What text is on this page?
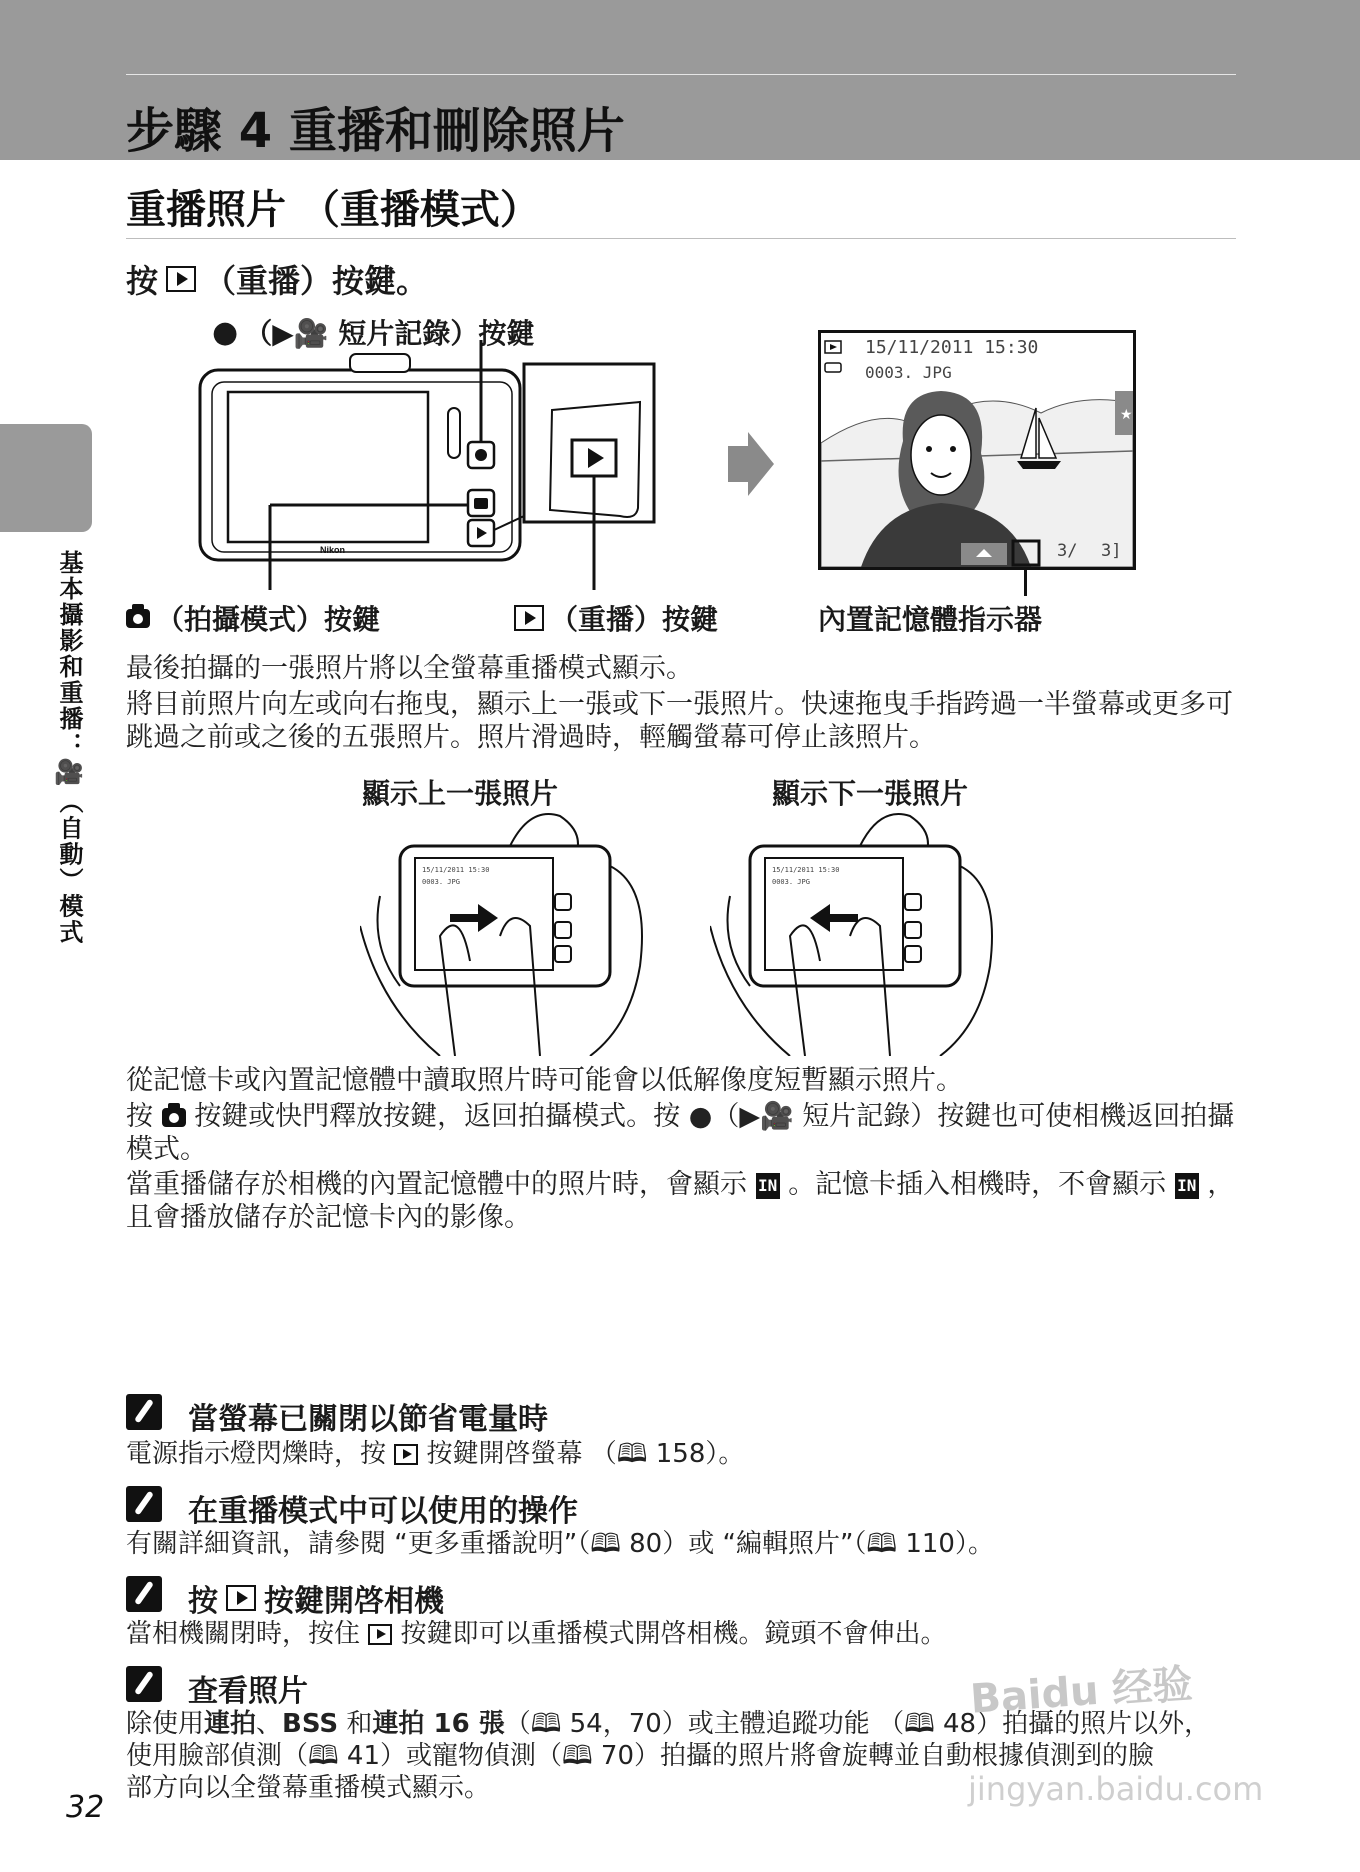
步驟 4 重播和刪除照片
基本攝影和重播：🎥（自動）模式
重播照片 （重播模式）
按 （重播）按鍵。
● （▶︎🎥 短片記錄）按鍵
Nikon
★
15/11/2011 15:30
0003. JPG
3/ 3]
（拍攝模式）按鍵	（重播）按鍵	內置記憶體指示器
最後拍攝的一張照片將以全螢幕重播模式顯示。
將目前照片向左或向右拖曳，顯示上一張或下一張照片。快速拖曳手指跨過一半螢幕或更多可跳過之前或之後的五張照片。照片滑過時，輕觸螢幕可停止該照片。
顯示上一張照片	顯示下一張照片
15/11/2011 15:30
0003. JPG
15/11/2011 15:30
0003. JPG
從記憶卡或內置記憶體中讀取照片時可能會以低解像度短暫顯示照片。
按 按鍵或快門釋放按鍵，返回拍攝模式。按 ●（▶︎🎥 短片記錄）按鍵也可使相機返回拍攝模式。
當重播儲存於相機的內置記憶體中的照片時，會顯示 IN 。記憶卡插入相機時，不會顯示 IN ，且會播放儲存於記憶卡內的影像。
當螢幕已關閉以節省電量時
電源指示燈閃爍時，按 按鍵開啓螢幕 （🕮 158）。
在重播模式中可以使用的操作
有關詳細資訊，請參閱 “更多重播說明”（🕮 80）或 “編輯照片”（🕮 110）。
按 按鍵開啓相機
當相機關閉時，按住 按鍵即可以重播模式開啓相機。鏡頭不會伸出。
查看照片
除使用連拍、BSS 和連拍 16 張（🕮 54，70）或主體追蹤功能 （🕮 48）拍攝的照片以外，
使用臉部偵測（🕮 41）或寵物偵測（🕮 70）拍攝的照片將會旋轉並自動根據偵測到的臉
部方向以全螢幕重播模式顯示。
32
Baidu 经验
jingyan.baidu.com
